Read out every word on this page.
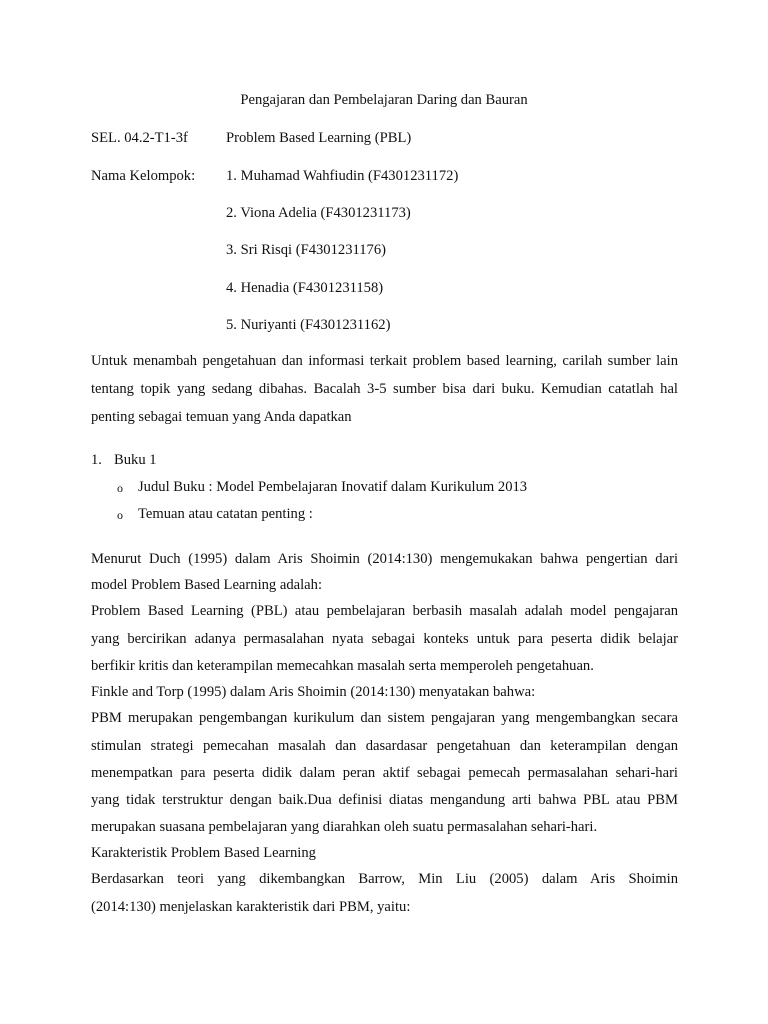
Pengajaran dan Pembelajaran Daring dan Bauran
SEL. 04.2-T1-3f	Problem Based Learning (PBL)
Nama Kelompok: 1. Muhamad Wahfiudin (F4301231172)
2. Viona Adelia (F4301231173)
3. Sri Risqi (F4301231176)
4. Henadia (F4301231158)
5. Nuriyanti (F4301231162)
Untuk menambah pengetahuan dan informasi terkait problem based learning, carilah sumber lain
tentang topik yang sedang dibahas. Bacalah 3-5 sumber bisa dari buku. Kemudian catatlah hal
penting sebagai temuan yang Anda dapatkan
1. Buku 1
o Judul Buku : Model Pembelajaran Inovatif dalam Kurikulum 2013
o Temuan atau catatan penting :
Menurut Duch (1995) dalam Aris Shoimin (2014:130) mengemukakan bahwa pengertian dari
model Problem Based Learning adalah:
Problem Based Learning (PBL) atau pembelajaran berbasih masalah adalah model pengajaran
yang bercirikan adanya permasalahan nyata sebagai konteks untuk para peserta didik belajar
berfikir kritis dan keterampilan memecahkan masalah serta memperoleh pengetahuan.
Finkle and Torp (1995) dalam Aris Shoimin (2014:130) menyatakan bahwa:
PBM merupakan pengembangan kurikulum dan sistem pengajaran yang mengembangkan secara
stimulan strategi pemecahan masalah dan dasardasar pengetahuan dan keterampilan dengan
menempatkan para peserta didik dalam peran aktif sebagai pemecah permasalahan sehari-hari
yang tidak terstruktur dengan baik.Dua definisi diatas mengandung arti bahwa PBL atau PBM
merupakan suasana pembelajaran yang diarahkan oleh suatu permasalahan sehari-hari.
Karakteristik Problem Based Learning
Berdasarkan teori yang dikembangkan Barrow, Min Liu (2005) dalam Aris Shoimin
(2014:130) menjelaskan karakteristik dari PBM, yaitu:
